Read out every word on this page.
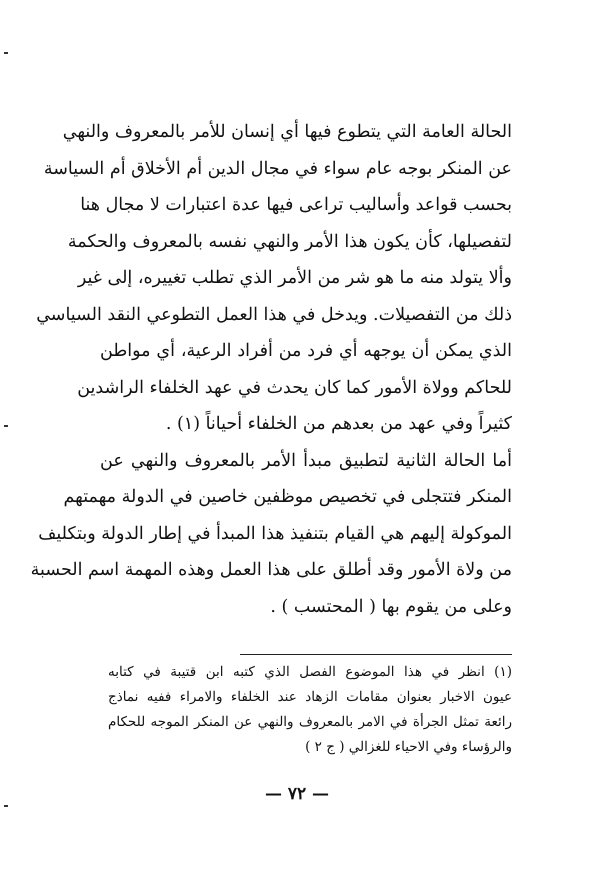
الحالة العامة التي يتطوع فيها أي إنسان للأمر بالمعروف والنهي
عن المنكر بوجه عام سواء في مجال الدين أم الأخلاق أم السياسة
بحسب قواعد وأساليب تراعى فيها عدة اعتبارات لا مجال هنا
لتفصيلها، كأن يكون هذا الأمر والنهي نفسه بالمعروف والحكمة
وألا يتولد منه ما هو شر من الأمر الذي تطلب تغييره، إلى غير
ذلك من التفصيلات. ويدخل في هذا العمل التطوعي النقد السياسي
الذي يمكن أن يوجهه أي فرد من أفراد الرعية، أي مواطن
للحاكم وولاة الأمور كما كان يحدث في عهد الخلفاء الراشدين
كثيراً وفي عهد من بعدهم من الخلفاء أحياناً (١) .
أما الحالة الثانية لتطبيق مبدأ الأمر بالمعروف والنهي عن
المنكر فتتجلى في تخصيص موظفين خاصين في الدولة مهمتهم
الموكولة إليهم هي القيام بتنفيذ هذا المبدأ في إطار الدولة وبتكليف
من ولاة الأمور وقد أطلق على هذا العمل وهذه المهمة اسم الحسبة
وعلى من يقوم بها ( المحتسب ) .
(١) انظر في هذا الموضوع الفصل الذي كتبه ابن قتيبة في كتابه
عيون الاخبار بعنوان مقامات الزهاد عند الخلفاء والامراء ففيه نماذج
رائعة تمثل الجرأة في الامر بالمعروف والنهي عن المنكر الموجه للحكام
والرؤساء وفي الاحياء للغزالي ( ج ٢ )
— ٧٢ —
